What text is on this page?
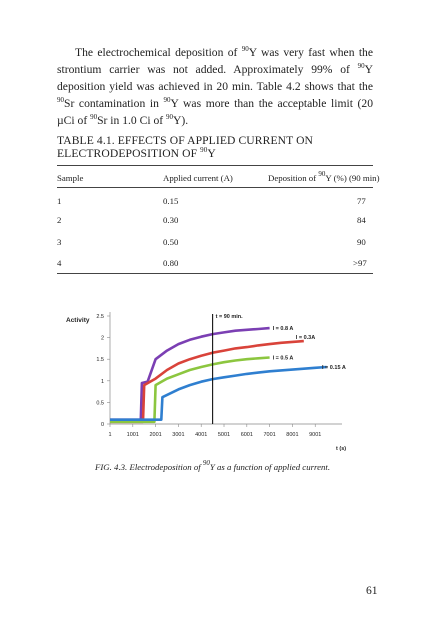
The electrochemical deposition of $^{90}$Y was very fast when the strontium carrier was not added. Approximately 99% of $^{90}$Y deposition yield was achieved in 20 min. Table 4.2 shows that the $^{90}$Sr contamination in $^{90}$Y was more than the acceptable limit (20 µCi of $^{90}$Sr in 1.0 Ci of $^{90}$Y).

TABLE 4.1. EFFECTS OF APPLIED CURRENT ON ELECTRODEPOSITION OF $^{90}$Y

Sample	Applied current (A)	Deposition of $^{90}$Y (%) (90 min)
1	0.15	77
2	0.30	84
3	0.50	90
4	0.80	>97
Activity
t (s)
t = 90 min.
0
0.5
1
1.5
2
2.5
1	1001 2001 3001 4001 5001 6001 7001 8001 9001
I = 0.8 A
I = 0.3A
I = 0.5 A
I = 0.15 A
FIG. 4.3. Electrodeposition of $^{90}$Y as a function of applied current.
61
